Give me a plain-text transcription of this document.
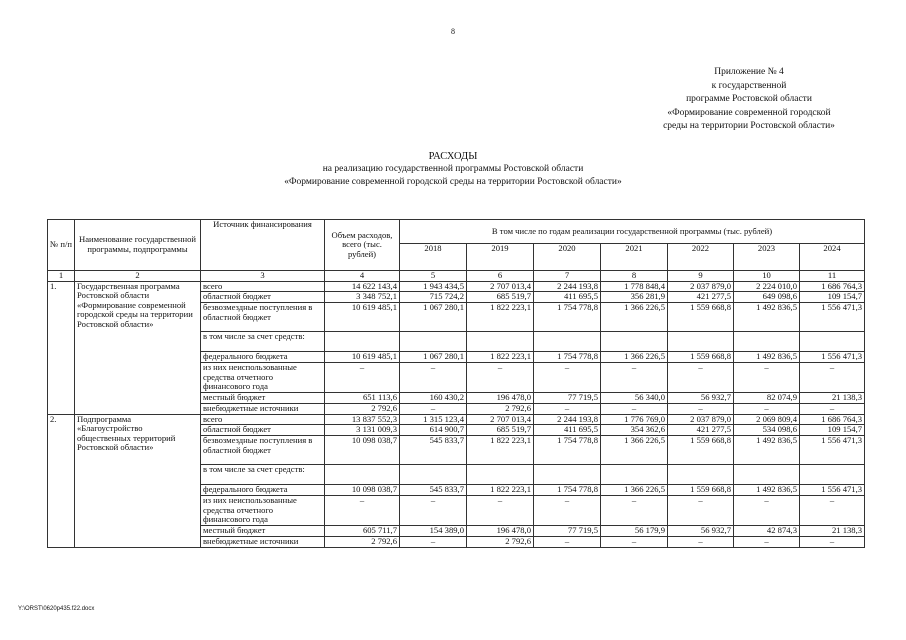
8
Приложение № 4
к государственной
программе Ростовской области
«Формирование современной городской
среды на территории Ростовской области»
РАСХОДЫ
на реализацию государственной программы Ростовской области
«Формирование современной городской среды на территории Ростовской области»
№ п/п	Наименование государственной программы, подпрограммы	Источник финансирования	Объем расходов, всего (тыс. рублей)	В том числе по годам реализации государственной программы (тыс. рублей)						
				2018	2019	2020	2021	2022	2023	2024
1	2	3	4	5	6	7	8	9	10	11
1.	Государственная программа Ростовской области «Формирование современной городской среды на территории Ростовской области»	всего	14 622 143,4	1 943 434,5	2 707 013,4	2 244 193,8	1 778 848,4	2 037 879,0	2 224 010,0	1 686 764,3
		областной бюджет	3 348 752,1	715 724,2	685 519,7	411 695,5	356 281,9	421 277,5	649 098,6	109 154,7
		безвозмездные поступления в областной бюджет	10 619 485,1	1 067 280,1	1 822 223,1	1 754 778,8	1 366 226,5	1 559 668,8	1 492 836,5	1 556 471,3
		в том числе за счет средств:								
		федерального бюджета	10 619 485,1	1 067 280,1	1 822 223,1	1 754 778,8	1 366 226,5	1 559 668,8	1 492 836,5	1 556 471,3
		из них неиспользованные средства отчетного финансового года	–	–	–	–	–	–	–	–
		местный бюджет	651 113,6	160 430,2	196 478,0	77 719,5	56 340,0	56 932,7	82 074,9	21 138,3
		внебюджетные источники	2 792,6	–	2 792,6	–	–	–	–	–
2.	Подпрограмма «Благоустройство общественных территорий Ростовской области»	всего	13 837 552,3	1 315 123,4	2 707 013,4	2 244 193,8	1 776 769,0	2 037 879,0	2 069 809,4	1 686 764,3
		областной бюджет	3 131 009,3	614 900,7	685 519,7	411 695,5	354 362,6	421 277,5	534 098,6	109 154,7
		безвозмездные поступления в областной бюджет	10 098 038,7	545 833,7	1 822 223,1	1 754 778,8	1 366 226,5	1 559 668,8	1 492 836,5	1 556 471,3
		в том числе за счет средств:								
		федерального бюджета	10 098 038,7	545 833,7	1 822 223,1	1 754 778,8	1 366 226,5	1 559 668,8	1 492 836,5	1 556 471,3
		из них неиспользованные средства отчетного финансового года	–	–	–	–	–	–	–	–
		местный бюджет	605 711,7	154 389,0	196 478,0	77 719,5	56 179,9	56 932,7	42 874,3	21 138,3
		внебюджетные источники	2 792,6	–	2 792,6	–	–	–	–	–
Y:\ORST\0620p435.f22.docx
